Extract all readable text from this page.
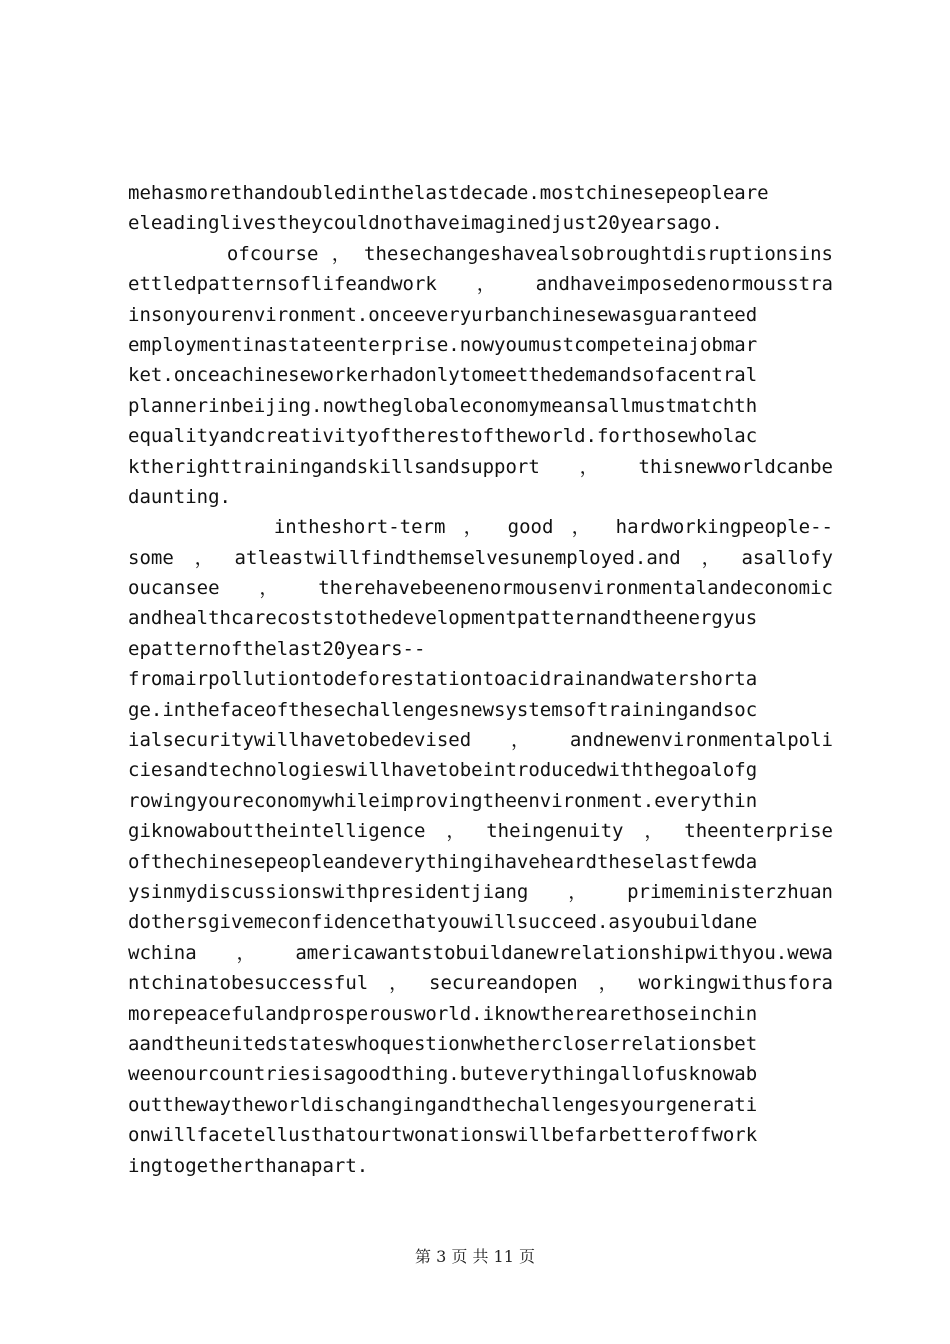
mehasmorethandoubledinthelastdecade.mostchinesepeopleare
eleadinglivestheycouldnothaveimaginedjust20yearsago.
ofcourse，thesechangeshavealsobroughtdisruptionsins
ettledpatternsoflifeandwork，andhaveimposedenormousstra
insonyourenvironment.onceeveryurbanchinesewasguaranteed
employmentinastateenterprise.nowyoumustcompeteinajobmar
ket.onceachineseworkerhadonlytomeetthedemandsofacentral
plannerinbeijing.nowtheglobaleconomymeansallmustmatchth
equalityandcreativityoftherestoftheworld.forthosewholac
ktherighttrainingandskillsandsupport，thisnewworldcanbe
daunting.
intheshort-term ， good ， hardworkingpeople--
some，atleastwillfindthemselvesunemployed.and，asallofy
oucansee，therehavebeenenormousenvironmentalandeconomic
andhealthcarecoststothedevelopmentpatternandtheenergyus
epatternofthelast20years--
fromairpollutiontodeforestationtoacidrainandwatershorta
ge.inthefaceofthesechallengesnewsystemsoftrainingandsoc
ialsecuritywillhavetobedevised，andnewenvironmentalpoli
ciesandtechnologieswillhavetobeintroducedwiththegoalofg
rowingyoureconomywhileimprovingtheenvironment.everythin
giknowabouttheintelligence，theingenuity，theenterprise
ofthechinesepeopleandeverythingihaveheardtheselastfewda
ysinmydiscussionswithpresidentjiang，primeministerzhuan
dothersgivemeconfidencethatyouwillsucceed.asyoubuildane
wchina，americawantstobuildanewrelationshipwithyou.wewa
ntchinatobesuccessful，secureandopen，workingwithusfora
morepeacefulandprosperousworld.iknowtherearethoseinchin
aandtheunitedstateswhoquestionwhethercloserrelationsbet
weenourcountriesisagoodthing.buteverythingallofusknowab
outthewaytheworldischangingandthechallengesyourgenerati
onwillfacetellusthatourtwonationswillbefarbetteroffwork
ingtogetherthanapart.
第 3 页 共 11 页
